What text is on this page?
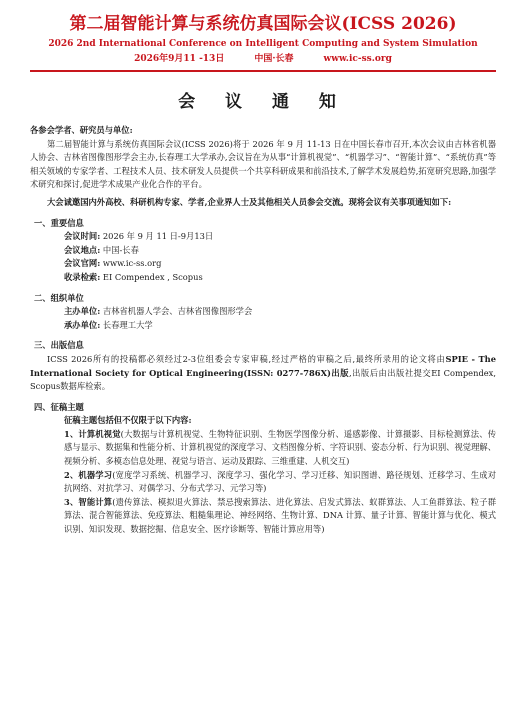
第二届智能计算与系统仿真国际会议(ICSS 2026)
2026 2nd International Conference on Intelligent Computing and System Simulation
2026年9月11 -13日	中国·长春	www.ic-ss.org
会 议 通 知

各参会学者、研究员与单位:

第二届智能计算与系统仿真国际会议(ICSS 2026)将于 2026 年 9 月 11-13 日在中国长春市召开,本次会议由吉林省机器人协会、吉林省图像图形学会主办,长春理工大学承办,会议旨在为从事“计算机视觉”、“机器学习”、“智能计算”、“系统仿真”等相关领域的专家学者、工程技术人员、技术研发人员提供一个共享科研成果和前沿技术,了解学术发展趋势,拓宽研究思路,加强学术研究和探讨,促进学术成果产业化合作的平台。

大会诚邀国内外高校、科研机构专家、学者,企业界人士及其他相关人员参会交流。现将会议有关事项通知如下:

一、重要信息

会议时间: 2026 年 9 月 11 日-9月13日

会议地点: 中国-长春

会议官网: www.ic-ss.org

收录检索: EI Compendex , Scopus

二、组织单位

主办单位: 吉林省机器人学会、吉林省图像图形学会

承办单位: 长春理工大学

三、出版信息

ICSS 2026所有的投稿都必须经过2-3位组委会专家审稿,经过严格的审稿之后,最终所录用的论文将由SPIE - The International Society for Optical Engineering(ISSN: 0277-786X)出版,出版后由出版社提交EI Compendex, Scopus数据库检索。

四、征稿主题

征稿主题包括但不仅限于以下内容:

1、计算机视觉(大数据与计算机视觉、生物特征识别、生物医学图像分析、遥感影像、计算摄影、目标检测算法、传感与显示、数据集和性能分析、计算机视觉的深度学习、文档图像分析、字符识别、姿态分析、行为识别、视觉理解、视频分析、多模态信息处理、视觉与语言、运动及跟踪、三维重建、人机交互)

2、机器学习(宽度学习系统、机器学习、深度学习、强化学习、学习迁移、知识图谱、路径规划、迁移学习、生成对抗网络、对抗学习、对偶学习、分布式学习、元学习等)

3、智能计算(遗传算法、模拟退火算法、禁忌搜索算法、进化算法、启发式算法、蚁群算法、人工鱼群算法、粒子群算法、混合智能算法、免疫算法、粗糙集理论、神经网络、生物计算、DNA 计算、量子计算、智能计算与优化、模式识别、知识发现、数据挖掘、信息安全、医疗诊断等、智能计算应用等)
